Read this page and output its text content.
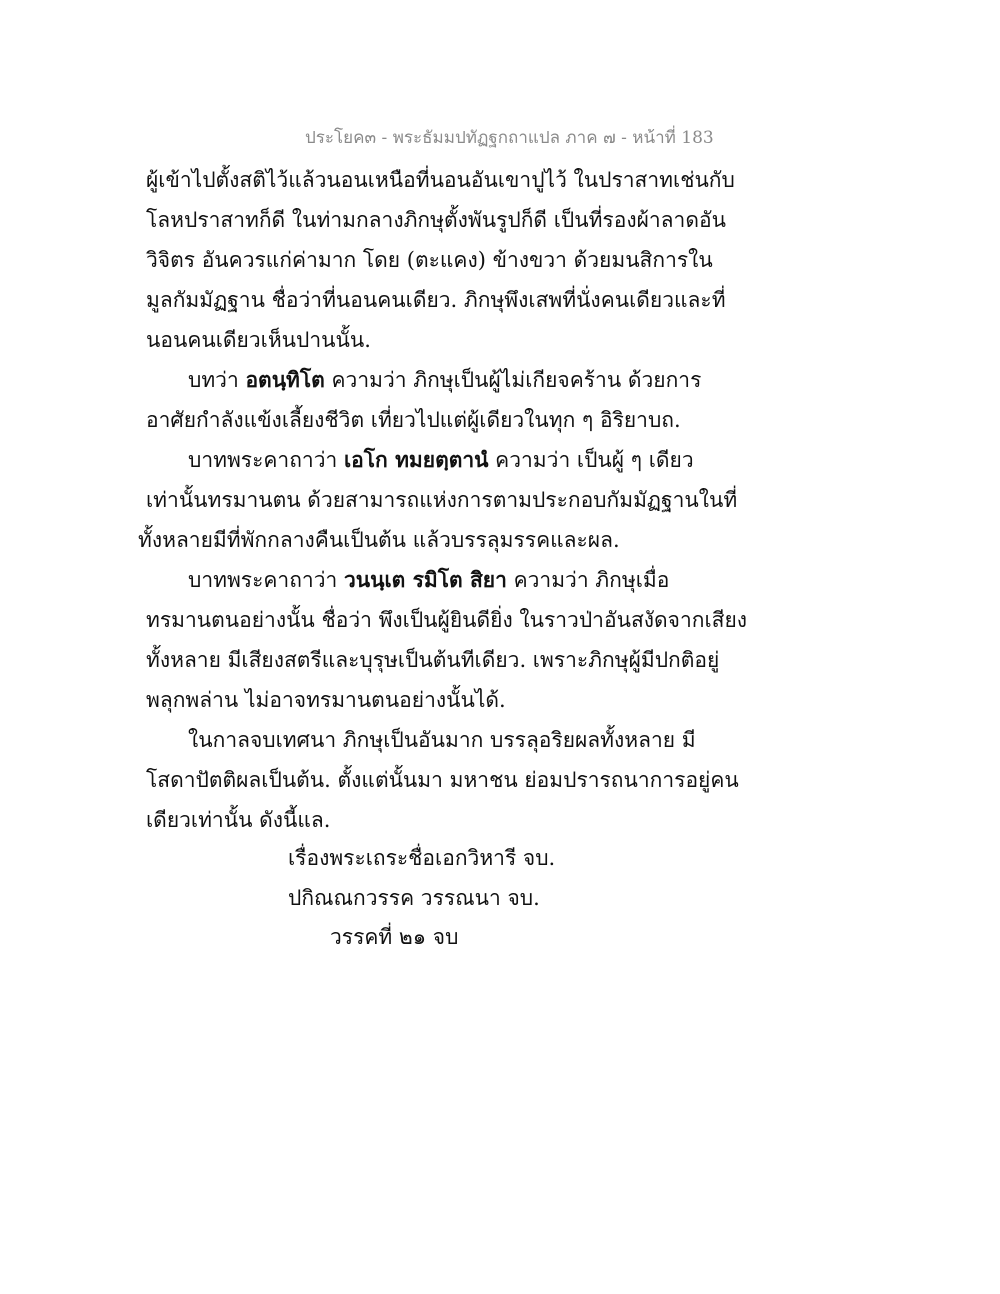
ประโยค๓ - พระธัมมปทัฏฐกถาแปล ภาค ๗ - หน้าที่ 183
ผู้เข้าไปตั้งสติไว้แล้วนอนเหนือที่นอนอันเขาปูไว้ ในปราสาทเช่นกับ
โลหปราสาทก็ดี ในท่ามกลางภิกษุตั้งพันรูปก็ดี เป็นที่รองผ้าลาดอัน
วิจิตร อันควรแก่ค่ามาก โดย (ตะแคง) ข้างขวา ด้วยมนสิการใน
มูลกัมมัฏฐาน ชื่อว่าที่นอนคนเดียว. ภิกษุพึงเสพที่นั่งคนเดียวและที่
นอนคนเดียวเห็นปานนั้น.
บทว่า อตนฺทิโต ความว่า ภิกษุเป็นผู้ไม่เกียจคร้าน ด้วยการ
อาศัยกำลังแข้งเลี้ยงชีวิต เที่ยวไปแต่ผู้เดียวในทุก ๆ อิริยาบถ.
บาทพระคาถาว่า เอโก ทมยตฺตานํ ความว่า เป็นผู้ ๆ เดียว
เท่านั้นทรมานตน ด้วยสามารถแห่งการตามประกอบกัมมัฏฐานในที่
ทั้งหลายมีที่พักกลางคืนเป็นต้น แล้วบรรลุมรรคและผล.
บาทพระคาถาว่า วนนฺเต รมิโต สิยา ความว่า ภิกษุเมื่อ
ทรมานตนอย่างนั้น ชื่อว่า พึงเป็นผู้ยินดียิ่ง ในราวป่าอันสงัดจากเสียง
ทั้งหลาย มีเสียงสตรีและบุรุษเป็นต้นทีเดียว. เพราะภิกษุผู้มีปกติอยู่
พลุกพล่าน ไม่อาจทรมานตนอย่างนั้นได้.
ในกาลจบเทศนา ภิกษุเป็นอันมาก บรรลุอริยผลทั้งหลาย มี
โสดาปัตติผลเป็นต้น. ตั้งแต่นั้นมา มหาชน ย่อมปรารถนาการอยู่คน
เดียวเท่านั้น ดังนี้แล.
เรื่องพระเถระชื่อเอกวิหารี จบ.
ปกิณณกวรรค วรรณนา จบ.
วรรคที่ ๒๑ จบ
